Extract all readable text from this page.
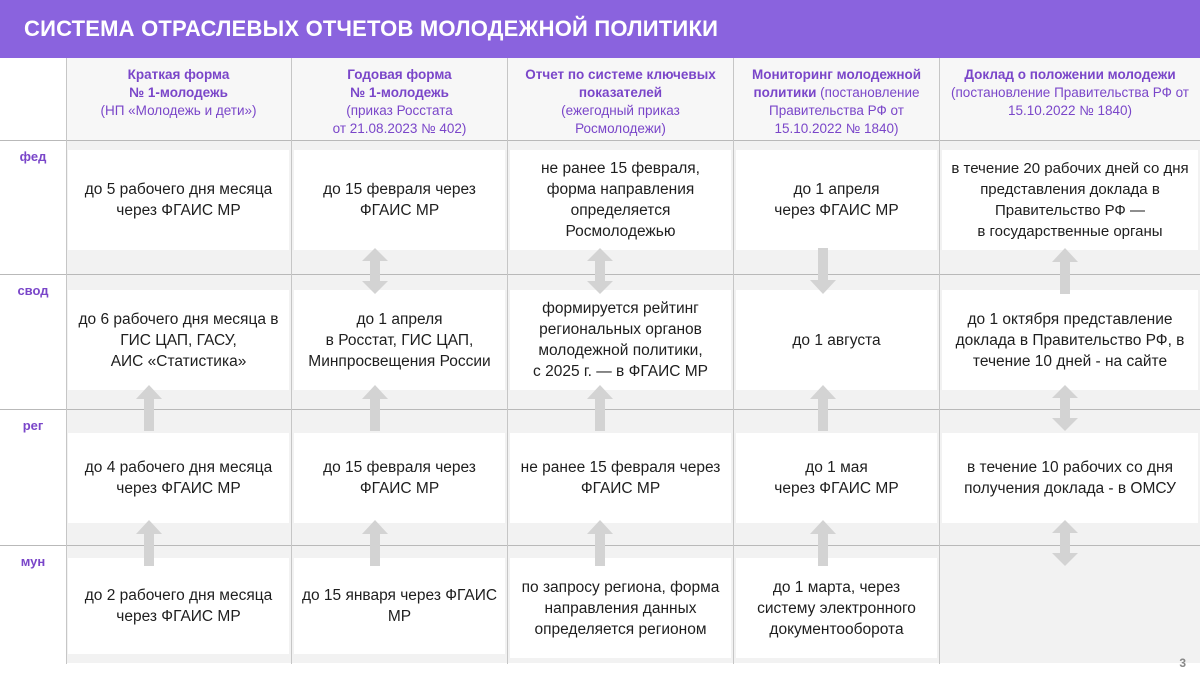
СИСТЕМА ОТРАСЛЕВЫХ ОТЧЕТОВ МОЛОДЕЖНОЙ ПОЛИТИКИ
Краткая форма
№ 1-молодежь
(НП «Молодежь и дети»)
Годовая форма
№ 1-молодежь
(приказ Росстата
от 21.08.2023 № 402)
Отчет по системе ключевых показателей
(ежегодный приказ
Росмолодежи)
Мониторинг молодежной политики (постановление Правительства РФ от 15.10.2022 № 1840)
Доклад о положении молодежи
(постановление Правительства РФ от 15.10.2022 № 1840)
фед
свод
рег
мун
до 5 рабочего дня месяца через ФГАИС МР
до 15 февраля через ФГАИС МР
не ранее 15 февраля, форма направления определяется Росмолодежью
до 1 апреля
через ФГАИС МР
в течение 20 рабочих дней со дня представления доклада в Правительство РФ —
в государственные органы
до 6 рабочего дня месяца в ГИС ЦАП, ГАСУ,
АИС «Статистика»
до 1 апреля
в Росстат, ГИС ЦАП, Минпросвещения России
формируется рейтинг региональных органов молодежной политики,
с 2025 г. — в ФГАИС МР
до 1 августа
до 1 октября представление доклада в Правительство РФ, в течение 10 дней - на сайте
до 4 рабочего дня месяца через ФГАИС МР
до 15 февраля через ФГАИС МР
не ранее 15 февраля через ФГАИС МР
до 1 мая
через ФГАИС МР
в течение 10 рабочих со дня получения доклада - в ОМСУ
до 2 рабочего дня месяца через ФГАИС МР
до 15 января через ФГАИС МР
по запросу региона, форма направления данных определяется регионом
до 1 марта, через систему электронного документооборота
3
